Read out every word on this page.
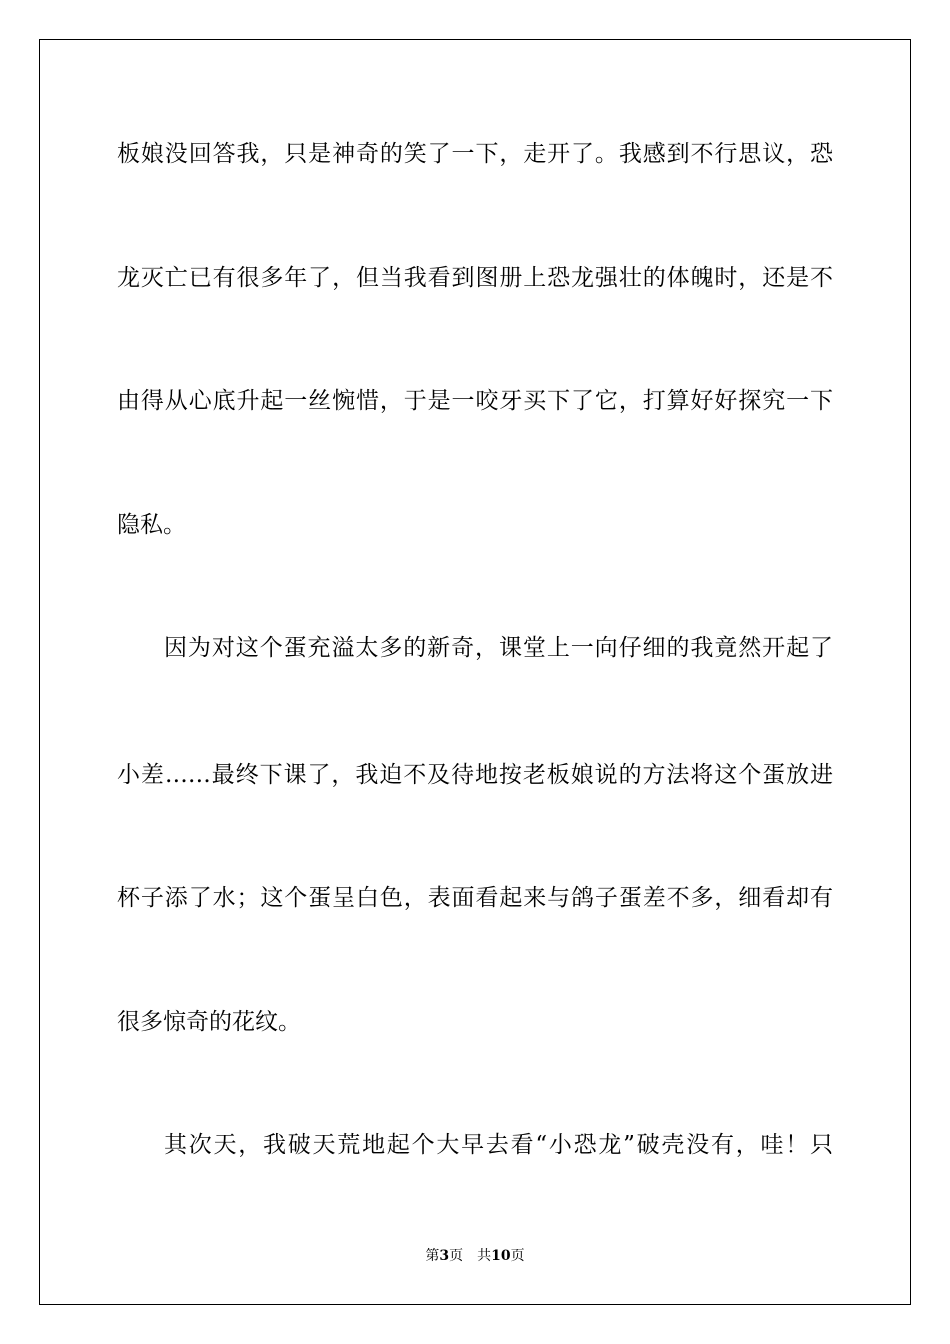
板娘没回答我，只是神奇的笑了一下，走开了。我感到不行思议，恐
龙灭亡已有很多年了，但当我看到图册上恐龙强壮的体魄时，还是不
由得从心底升起一丝惋惜，于是一咬牙买下了它，打算好好探究一下
隐私。
因为对这个蛋充溢太多的新奇，课堂上一向仔细的我竟然开起了
小差……最终下课了，我迫不及待地按老板娘说的方法将这个蛋放进
杯子添了水；这个蛋呈白色，表面看起来与鸽子蛋差不多，细看却有
很多惊奇的花纹。
其次天，我破天荒地起个大早去看“小恐龙”破壳没有，哇！只
第3页 共10页
